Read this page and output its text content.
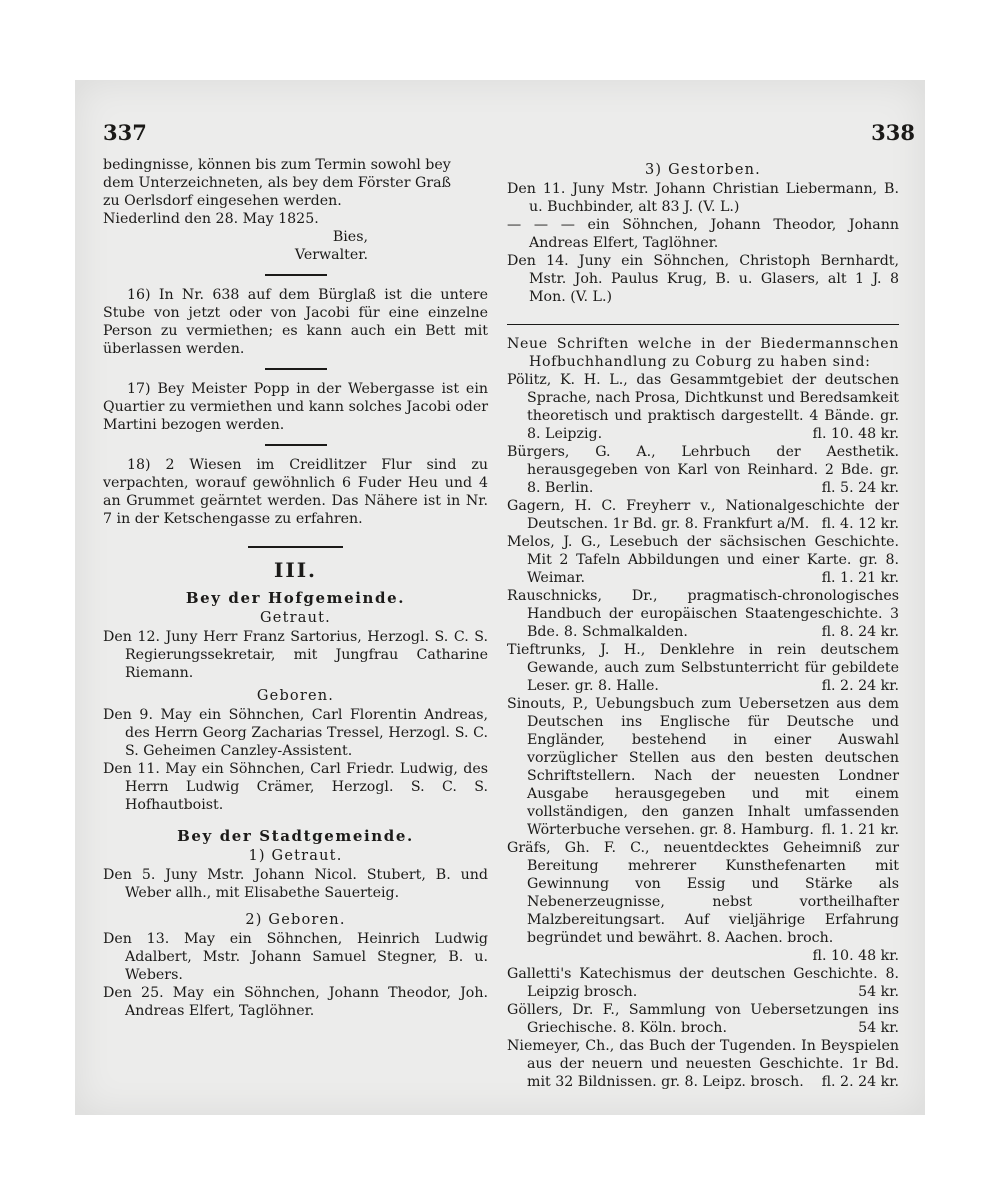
337	338
bedingnisse, können bis zum Termin sowohl bey
dem Unterzeichneten, als bey dem Förster Graß
zu Oerlsdorf eingesehen werden.
Niederlind den 28. May 1825.
Bies,
Verwalter.

16) In Nr. 638 auf dem Bürglaß ist die untere Stube von jetzt oder von Jacobi für eine einzelne Person zu vermiethen; es kann auch ein Bett mit überlassen werden.

17) Bey Meister Popp in der Webergasse ist ein Quartier zu vermiethen und kann solches Jacobi oder Martini bezogen werden.

18) 2 Wiesen im Creidlitzer Flur sind zu verpachten, worauf gewöhnlich 6 Fuder Heu und 4 an Grummet geärntet werden. Das Nähere ist in Nr. 7 in der Ketschengasse zu erfahren.

III.
Bey der Hofgemeinde.
Getraut.

Den 12. Juny Herr Franz Sartorius, Herzogl. S. C. S. Regierungssekretair, mit Jungfrau Catharine Riemann.

Geboren.

Den 9. May ein Söhnchen, Carl Florentin Andreas, des Herrn Georg Zacharias Tressel, Herzogl. S. C. S. Geheimen Canzley-Assistent.

Den 11. May ein Söhnchen, Carl Friedr. Ludwig, des Herrn Ludwig Crämer, Herzogl. S. C. S. Hofhautboist.

Bey der Stadtgemeinde.
1) Getraut.

Den 5. Juny Mstr. Johann Nicol. Stubert, B. und Weber allh., mit Elisabethe Sauerteig.

2) Geboren.

Den 13. May ein Söhnchen, Heinrich Ludwig Adalbert, Mstr. Johann Samuel Stegner, B. u. Webers.

Den 25. May ein Söhnchen, Johann Theodor, Joh. Andreas Elfert, Taglöhner.

3) Gestorben.

Den 11. Juny Mstr. Johann Christian Liebermann, B. u. Buchbinder, alt 83 J. (V. L.)

— — — ein Söhnchen, Johann Theodor, Johann Andreas Elfert, Taglöhner.

Den 14. Juny ein Söhnchen, Christoph Bernhardt, Mstr. Joh. Paulus Krug, B. u. Glasers, alt 1 J. 8 Mon. (V. L.)

Neue Schriften welche in der Biedermannschen Hofbuchhandlung zu Coburg zu haben sind:

Pölitz, K. H. L., das Gesammtgebiet der deutschen Sprache, nach Prosa, Dichtkunst und Beredsamkeit theoretisch und praktisch dargestellt. 4 Bände. gr. 8. Leipzig.	fl. 10. 48 kr.
Bürgers, G. A., Lehrbuch der Aesthetik. herausgegeben von Karl von Reinhard. 2 Bde. gr. 8. Berlin.	fl. 5. 24 kr.
Gagern, H. C. Freyherr v., Nationalgeschichte der Deutschen. 1r Bd. gr. 8. Frankfurt a/M. fl. 4. 12 kr.
Melos, J. G., Lesebuch der sächsischen Geschichte. Mit 2 Tafeln Abbildungen und einer Karte. gr. 8. Weimar.	fl. 1. 21 kr.
Rauschnicks, Dr., pragmatisch-chronologisches Handbuch der europäischen Staatengeschichte. 3 Bde. 8. Schmalkalden.	fl. 8. 24 kr.
Tieftrunks, J. H., Denklehre in rein deutschem Gewande, auch zum Selbstunterricht für gebildete Leser. gr. 8. Halle.	fl. 2. 24 kr.
Sinouts, P., Uebungsbuch zum Uebersetzen aus dem Deutschen ins Englische für Deutsche und Engländer, bestehend in einer Auswahl vorzüglicher Stellen aus den besten deutschen Schriftstellern. Nach der neuesten Londner Ausgabe herausgegeben und mit einem vollständigen, den ganzen Inhalt umfassenden Wörterbuche versehen. gr. 8. Hamburg. fl. 1. 21 kr.
Gräfs, Gh. F. C., neuentdecktes Geheimniß zur Bereitung mehrerer Kunsthefenarten mit Gewinnung von Essig und Stärke als Nebenerzeugnisse, nebst vortheilhafter Malzbereitungsart. Auf vieljährige Erfahrung begründet und bewährt. 8. Aachen. broch.
fl. 10. 48 kr.
Galletti's Katechismus der deutschen Geschichte. 8. Leipzig brosch.	54 kr.
Göllers, Dr. F., Sammlung von Uebersetzungen ins Griechische. 8. Köln. broch.	54 kr.
Niemeyer, Ch., das Buch der Tugenden. In Beyspielen aus der neuern und neuesten Geschichte. 1r Bd. mit 32 Bildnissen. gr. 8. Leipz. brosch. fl. 2. 24 kr.
